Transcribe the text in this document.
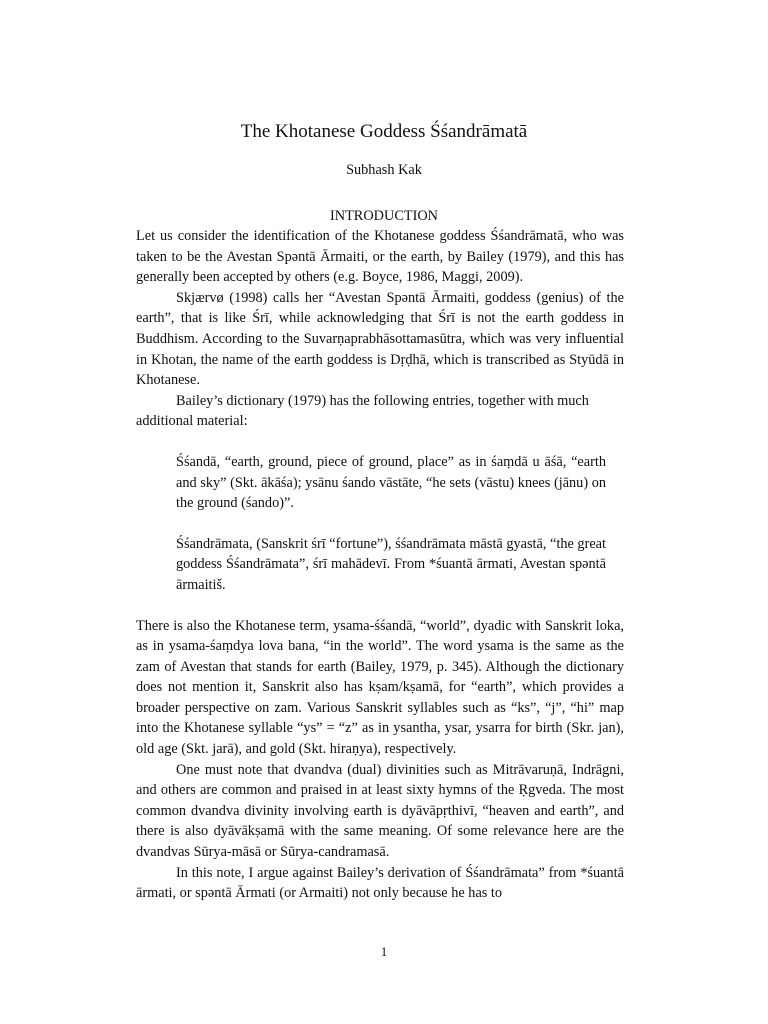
The Khotanese Goddess Śśandrāmatā
Subhash Kak
INTRODUCTION

Let us consider the identification of the Khotanese goddess Śśandrāmatā, who was taken to be the Avestan Spəntā Ārmaiti, or the earth, by Bailey (1979), and this has generally been accepted by others (e.g. Boyce, 1986, Maggi, 2009).

Skjærvø (1998) calls her “Avestan Spəntā Ārmaiti, goddess (genius) of the earth”, that is like Śrī, while acknowledging that Śrī is not the earth goddess in Buddhism. According to the Suvarṇaprabhāsottamasūtra, which was very influential in Khotan, the name of the earth goddess is Dṛḍhā, which is transcribed as Styūdā in Khotanese.

Bailey’s dictionary (1979) has the following entries, together with much additional material:

Śśandā, “earth, ground, piece of ground, place” as in śaṃdā u āśā, “earth and sky” (Skt. ākāśa); ysānu śando vāstāte, “he sets (vāstu) knees (jānu) on the ground (śando)”.

Śśandrāmata, (Sanskrit śrī “fortune”), śśandrāmata māstā gyastā, “the great goddess Śśandrāmata”, śrī mahādevī. From *śuantā ārmati, Avestan spəntā ārmaitiš.

There is also the Khotanese term, ysama-śśandā, “world”, dyadic with Sanskrit loka, as in ysama-śaṃdya lova bana, “in the world”. The word ysama is the same as the zam of Avestan that stands for earth (Bailey, 1979, p. 345). Although the dictionary does not mention it, Sanskrit also has kṣam/kṣamā, for “earth”, which provides a broader perspective on zam. Various Sanskrit syllables such as “ks”, “j”, “hi” map into the Khotanese syllable “ys” = “z” as in ysantha, ysar, ysarra for birth (Skr. jan), old age (Skt. jarā), and gold (Skt. hiraṇya), respectively.

One must note that dvandva (dual) divinities such as Mitrāvaruṇā, Indrāgni, and others are common and praised in at least sixty hymns of the Ṛgveda. The most common dvandva divinity involving earth is dyāvāpṛthivī, “heaven and earth”, and there is also dyāvākṣamā with the same meaning. Of some relevance here are the dvandvas Sūrya-māsā or Sūrya-candramasā.

In this note, I argue against Bailey’s derivation of Śśandrāmata” from *śuantā ārmati, or spəntā Ārmati (or Armaiti) not only because he has to

1
